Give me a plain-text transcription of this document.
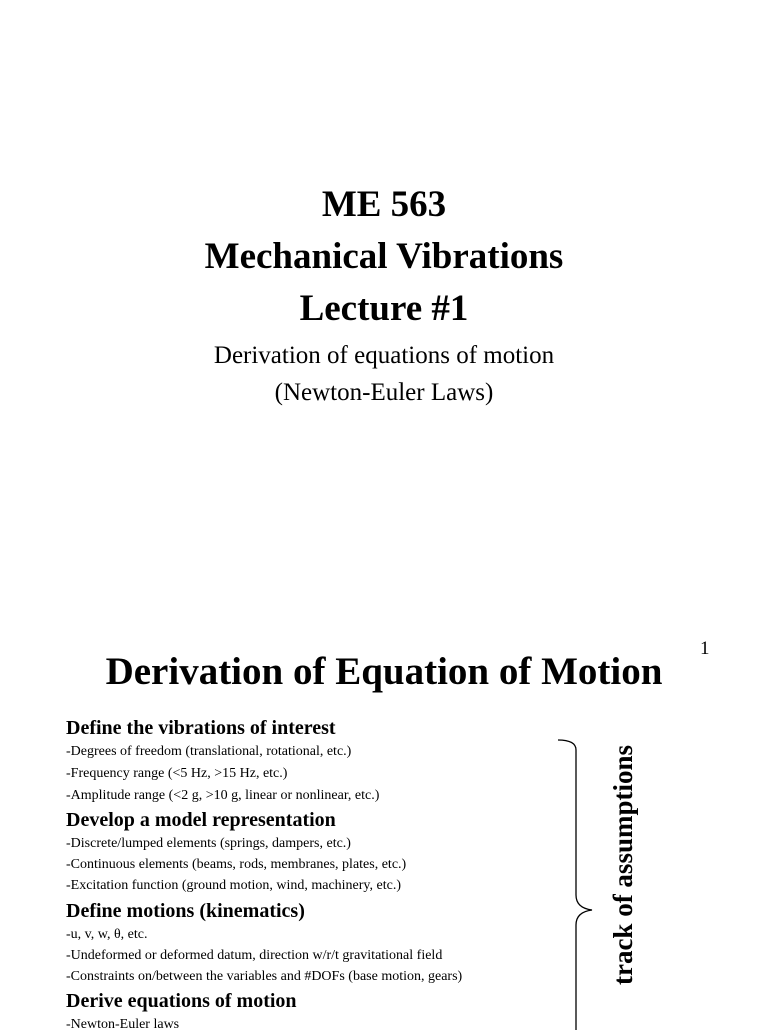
ME 563
Mechanical Vibrations
Lecture #1
Derivation of equations of motion
(Newton-Euler Laws)
1
Derivation of Equation of Motion
Define the vibrations of interest
-Degrees of freedom (translational, rotational, etc.)
-Frequency range (<5 Hz, >15 Hz, etc.)
-Amplitude range (<2 g, >10 g, linear or nonlinear, etc.)
Develop a model representation
-Discrete/lumped elements (springs, dampers, etc.)
-Continuous elements (beams, rods, membranes, plates, etc.)
-Excitation function (ground motion, wind, machinery, etc.)
Define motions (kinematics)
-u, v, w, θ, etc.
-Undeformed or deformed datum, direction w/r/t gravitational field
-Constraints on/between the variables and #DOFs (base motion, gears)
Derive equations of motion
-Newton-Euler laws
track of assumptions
